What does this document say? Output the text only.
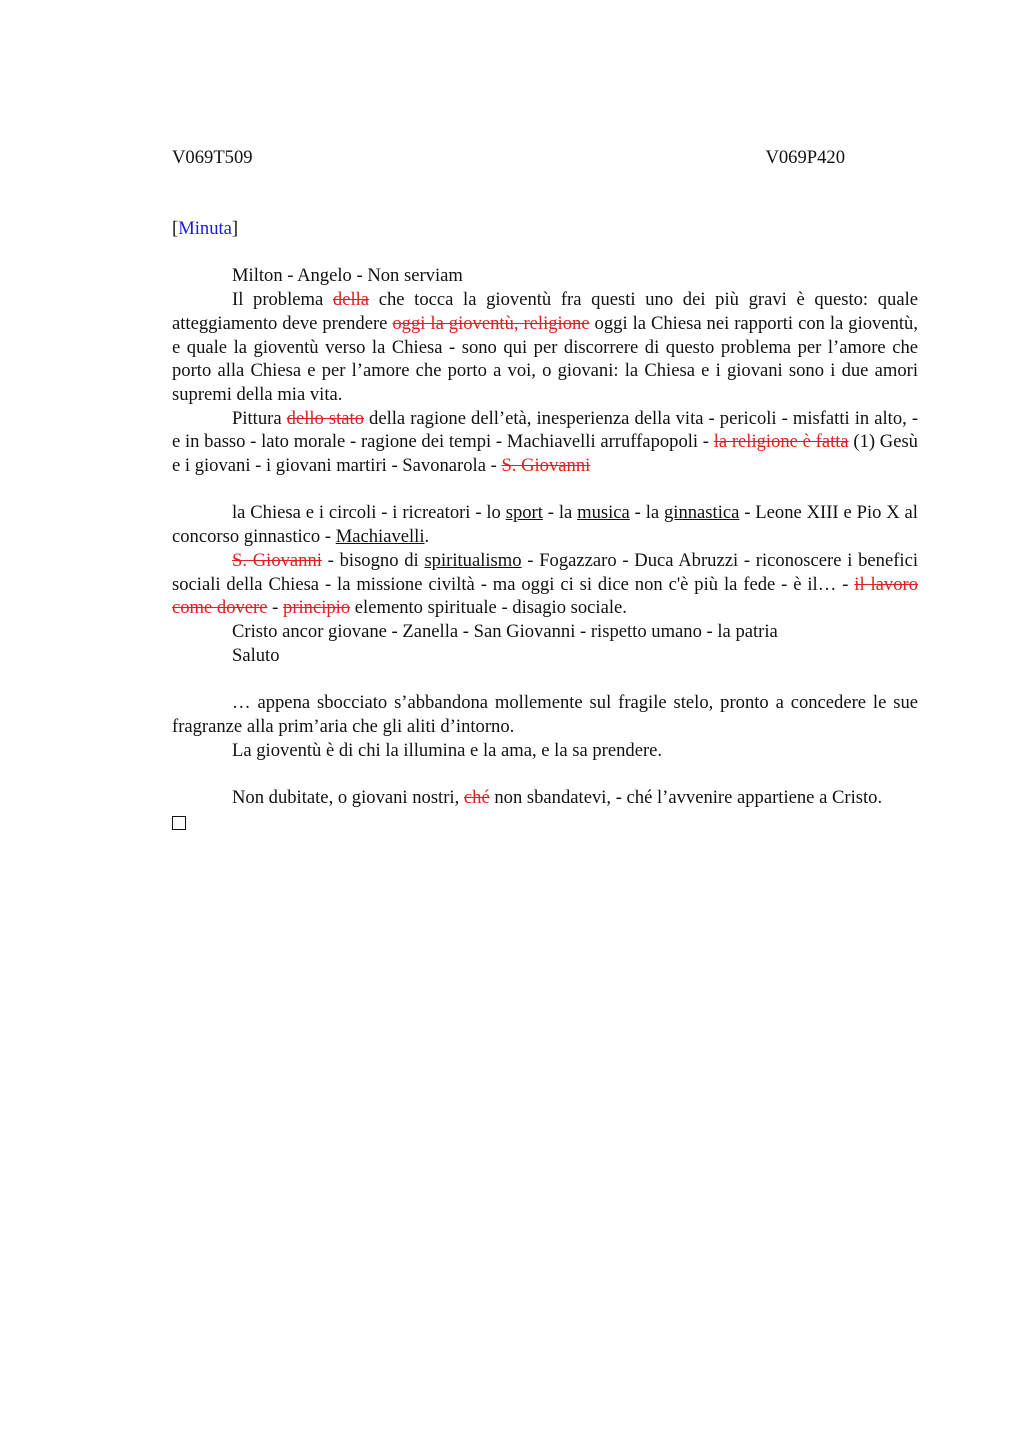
V069T509	V069P420

[Minuta]

Milton - Angelo - Non serviam

Il problema della che tocca la gioventù fra questi uno dei più gravi è questo: quale atteggiamento deve prendere oggi la gioventù, religione oggi la Chiesa nei rapporti con la gioventù, e quale la gioventù verso la Chiesa - sono qui per discorrere di questo problema per l’amore che porto alla Chiesa e per l’amore che porto a voi, o giovani: la Chiesa e i giovani sono i due amori supremi della mia vita.

Pittura dello stato della ragione dell’età, inesperienza della vita - pericoli - misfatti in alto, - e in basso - lato morale - ragione dei tempi - Machiavelli arruffapopoli - la religione è fatta (1) Gesù e i giovani - i giovani martiri - Savonarola - S. Giovanni

la Chiesa e i circoli - i ricreatori - lo sport - la musica - la ginnastica - Leone XIII e Pio X al concorso ginnastico - Machiavelli.

S. Giovanni - bisogno di spiritualismo - Fogazzaro - Duca Abruzzi - riconoscere i benefici sociali della Chiesa - la missione civiltà - ma oggi ci si dice non c'è più la fede - è il… - il lavoro come dovere - principio elemento spirituale - disagio sociale.

Cristo ancor giovane - Zanella - San Giovanni - rispetto umano - la patria

Saluto

… appena sbocciato s’abbandona mollemente sul fragile stelo, pronto a concedere le sue fragranze alla prim’aria che gli aliti d’intorno.

La gioventù è di chi la illumina e la ama, e la sa prendere.

Non dubitate, o giovani nostri, ché non sbandatevi, - ché l’avvenire appartiene a Cristo.
